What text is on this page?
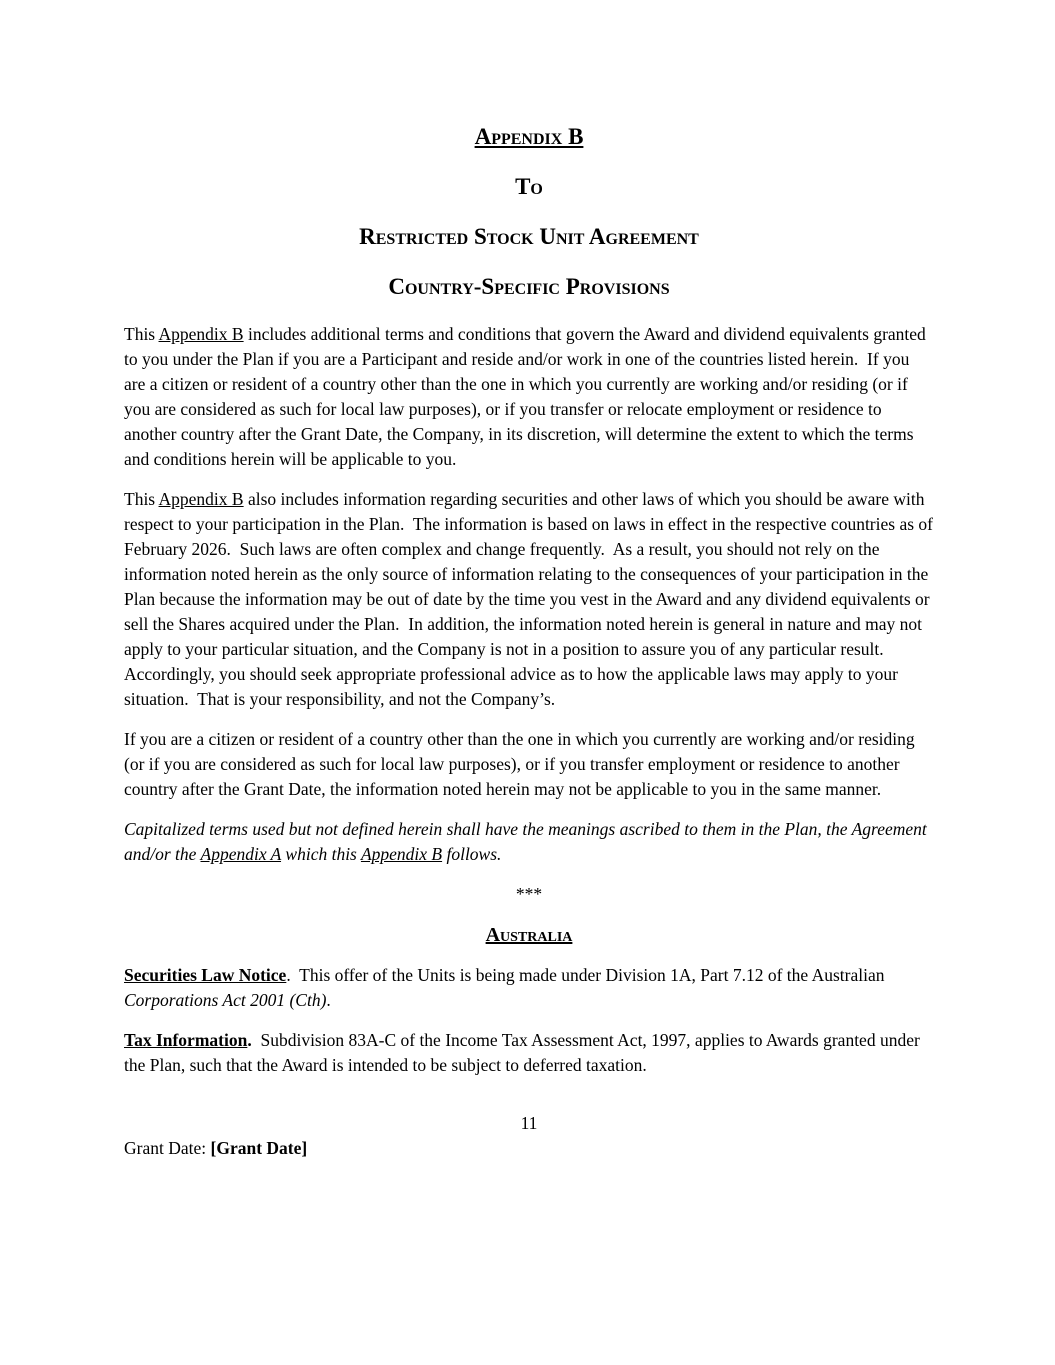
Appendix B
To
Restricted Stock Unit Agreement
Country-Specific Provisions

This Appendix B includes additional terms and conditions that govern the Award and dividend equivalents granted to you under the Plan if you are a Participant and reside and/or work in one of the countries listed herein.  If you are a citizen or resident of a country other than the one in which you currently are working and/or residing (or if you are considered as such for local law purposes), or if you transfer or relocate employment or residence to another country after the Grant Date, the Company, in its discretion, will determine the extent to which the terms and conditions herein will be applicable to you.

This Appendix B also includes information regarding securities and other laws of which you should be aware with respect to your participation in the Plan.  The information is based on laws in effect in the respective countries as of February 2026.  Such laws are often complex and change frequently.  As a result, you should not rely on the information noted herein as the only source of information relating to the consequences of your participation in the Plan because the information may be out of date by the time you vest in the Award and any dividend equivalents or sell the Shares acquired under the Plan.  In addition, the information noted herein is general in nature and may not apply to your particular situation, and the Company is not in a position to assure you of any particular result.  Accordingly, you should seek appropriate professional advice as to how the applicable laws may apply to your situation.  That is your responsibility, and not the Company’s.

If you are a citizen or resident of a country other than the one in which you currently are working and/or residing (or if you are considered as such for local law purposes), or if you transfer employment or residence to another country after the Grant Date, the information noted herein may not be applicable to you in the same manner.

Capitalized terms used but not defined herein shall have the meanings ascribed to them in the Plan, the Agreement and/or the Appendix A which this Appendix B follows.

***
Australia

Securities Law Notice.  This offer of the Units is being made under Division 1A, Part 7.12 of the Australian Corporations Act 2001 (Cth).

Tax Information.  Subdivision 83A-C of the Income Tax Assessment Act, 1997, applies to Awards granted under the Plan, such that the Award is intended to be subject to deferred taxation.

11
Grant Date: [Grant Date]
